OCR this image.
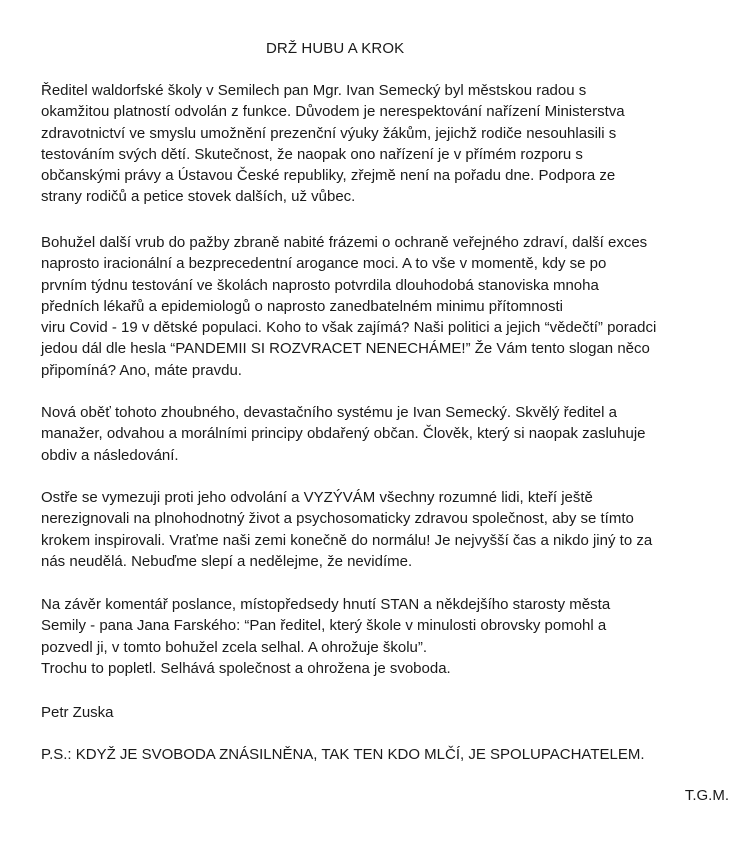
DRŽ HUBU A KROK
Ředitel waldorfské školy v Semilech pan Mgr. Ivan Semecký byl městskou radou s
okamžitou platností odvolán z funkce. Důvodem je nerespektování nařízení Ministerstva
zdravotnictví ve smyslu umožnění prezenční výuky žákům, jejichž rodiče nesouhlasili s
testováním svých dětí. Skutečnost, že naopak ono nařízení je v přímém rozporu s
občanskými právy a Ústavou České republiky, zřejmě není na pořadu dne. Podpora ze
strany rodičů a petice stovek dalších, už vůbec.
Bohužel další vrub do pažby zbraně nabité frázemi o ochraně veřejného zdraví, další exces
naprosto iracionální a bezprecedentní arogance moci. A to vše v momentě, kdy se po
prvním týdnu testování ve školách naprosto potvrdila dlouhodobá stanoviska mnoha
předních lékařů a epidemiologů o naprosto zanedbatelném minimu přítomnosti
viru Covid - 19 v dětské populaci. Koho to však zajímá? Naši politici a jejich “vědečtí” poradci
jedou dál dle hesla “PANDEMII SI ROZVRACET NENECHÁME!” Že Vám tento slogan něco
připomíná? Ano, máte pravdu.
Nová oběť tohoto zhoubného, devastačního systému je Ivan Semecký. Skvělý ředitel a
manažer, odvahou a morálními principy obdařený občan. Člověk, který si naopak zasluhuje
obdiv a následování.
Ostře se vymezuji proti jeho odvolání a VYZÝVÁM všechny rozumné lidi, kteří ještě
nerezignovali na plnohodnotný život a psychosomaticky zdravou společnost, aby se tímto
krokem inspirovali. Vraťme naši zemi konečně do normálu! Je nejvyšší čas a nikdo jiný to za
nás neudělá. Nebuďme slepí a nedělejme, že nevidíme.
Na závěr komentář poslance, místopředsedy hnutí STAN a někdejšího starosty města
Semily - pana Jana Farského: “Pan ředitel, který škole v minulosti obrovsky pomohl a
pozvedl ji, v tomto bohužel zcela selhal. A ohrožuje školu”.
Trochu to popletl. Selhává společnost a ohrožena je svoboda.
Petr Zuska
P.S.: KDYŽ JE SVOBODA ZNÁSILNĚNA, TAK TEN KDO MLČÍ, JE SPOLUPACHATELEM.
T.G.M.
